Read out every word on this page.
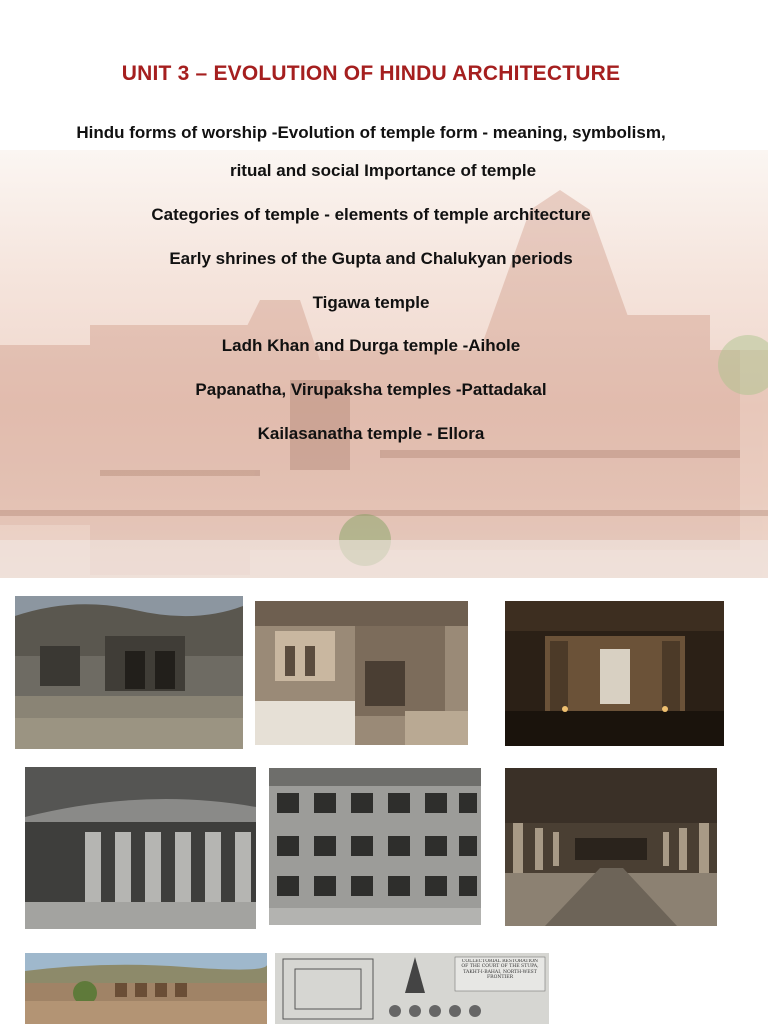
UNIT 3 – EVOLUTION OF HINDU ARCHITECTURE
Hindu forms of worship -Evolution of temple form - meaning, symbolism,
ritual and social Importance of temple
Categories of temple - elements of temple architecture
Early shrines of the Gupta and Chalukyan periods
Tigawa temple
Ladh Khan and Durga temple -Aihole
Papanatha, Virupaksha temples -Pattadakal
Kailasanatha temple - Ellora
COLLECTORIAL RESTORATION OF THE COURT OF THE STUPA, TAKHT-I-BAHAI, NORTH-WEST FRONTIER
